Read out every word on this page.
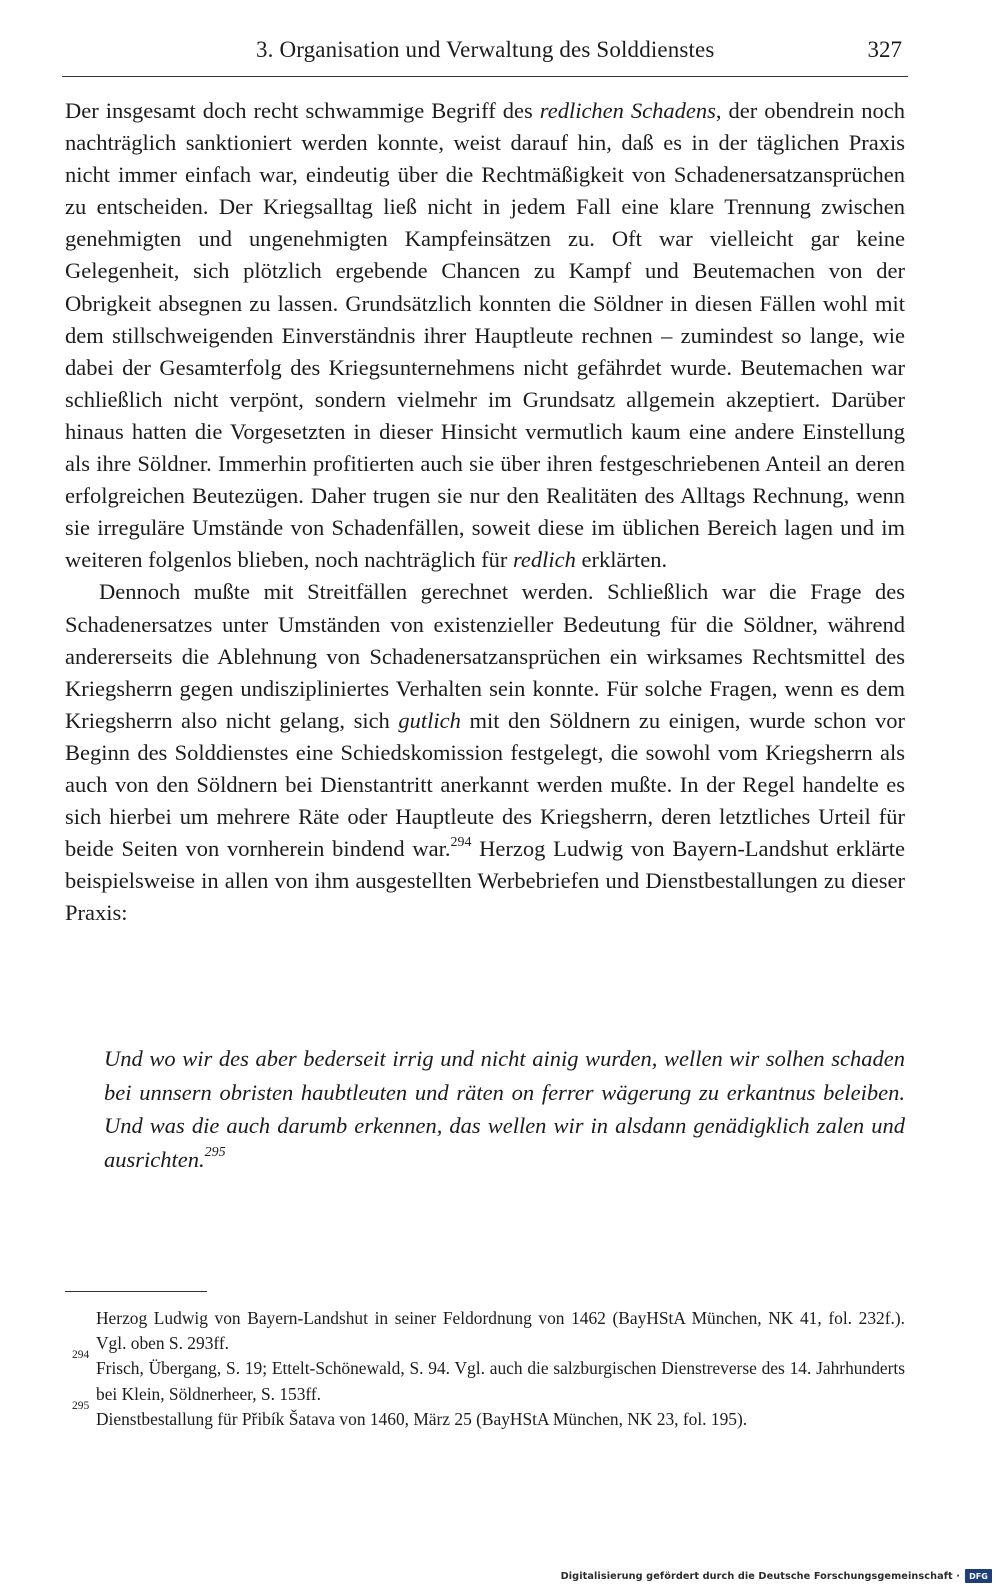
3. Organisation und Verwaltung des Solddienstes	327

Der insgesamt doch recht schwammige Begriff des redlichen Schadens, der obendrein noch nachträglich sanktioniert werden konnte, weist darauf hin, daß es in der täglichen Praxis nicht immer einfach war, eindeutig über die Rechtmäßigkeit von Schadenersatzansprüchen zu entscheiden. Der Kriegsalltag ließ nicht in jedem Fall eine klare Trennung zwischen genehmigten und ungenehmigten Kampfeinsätzen zu. Oft war vielleicht gar keine Gelegenheit, sich plötzlich ergebende Chancen zu Kampf und Beutemachen von der Obrigkeit absegnen zu lassen. Grundsätzlich konnten die Söldner in diesen Fällen wohl mit dem stillschweigenden Einverständnis ihrer Hauptleute rechnen – zumindest so lange, wie dabei der Gesamterfolg des Kriegsunternehmens nicht gefährdet wurde. Beutemachen war schließlich nicht verpönt, sondern vielmehr im Grundsatz allgemein akzeptiert. Darüber hinaus hatten die Vorgesetzten in dieser Hinsicht vermutlich kaum eine andere Einstellung als ihre Söldner. Immerhin profitierten auch sie über ihren festgeschriebenen Anteil an deren erfolgreichen Beutezügen. Daher trugen sie nur den Realitäten des Alltags Rechnung, wenn sie irreguläre Umstände von Schadenfällen, soweit diese im üblichen Bereich lagen und im weiteren folgenlos blieben, noch nachträglich für redlich erklärten.

Dennoch mußte mit Streitfällen gerechnet werden. Schließlich war die Frage des Schadenersatzes unter Umständen von existenzieller Bedeutung für die Söldner, während andererseits die Ablehnung von Schadenersatzansprüchen ein wirksames Rechtsmittel des Kriegsherrn gegen undiszipliniertes Verhalten sein konnte. Für solche Fragen, wenn es dem Kriegsherrn also nicht gelang, sich gutlich mit den Söldnern zu einigen, wurde schon vor Beginn des Solddienstes eine Schiedskomission festgelegt, die sowohl vom Kriegsherrn als auch von den Söldnern bei Dienstantritt anerkannt werden mußte. In der Regel handelte es sich hierbei um mehrere Räte oder Hauptleute des Kriegsherrn, deren letztliches Urteil für beide Seiten von vornherein bindend war.$^{294}$ Herzog Ludwig von Bayern-Landshut erklärte beispielsweise in allen von ihm ausgestellten Werbebriefen und Dienstbestallungen zu dieser Praxis:

Und wo wir des aber bederseit irrig und nicht ainig wurden, wellen wir solhen schaden bei unnsern obristen haubtleuten und räten on ferrer wägerung zu erkantnus beleiben. Und was die auch darumb erkennen, das wellen wir in alsdann genädigklich zalen und ausrichten.$^{295}$

Herzog Ludwig von Bayern-Landshut in seiner Feldordnung von 1462 (BayHStA München, NK 41, fol. 232f.). Vgl. oben S. 293ff.
294
Frisch, Übergang, S. 19; Ettelt-Schönewald, S. 94. Vgl. auch die salzburgischen Dienstreverse des 14. Jahrhunderts bei Klein, Söldnerheer, S. 153ff.
295
Dienstbestallung für Přibík Šatava von 1460, März 25 (BayHStA München, NK 23, fol. 195).
Digitalisierung gefördert durch die Deutsche Forschungsgemeinschaft ·	DFG
